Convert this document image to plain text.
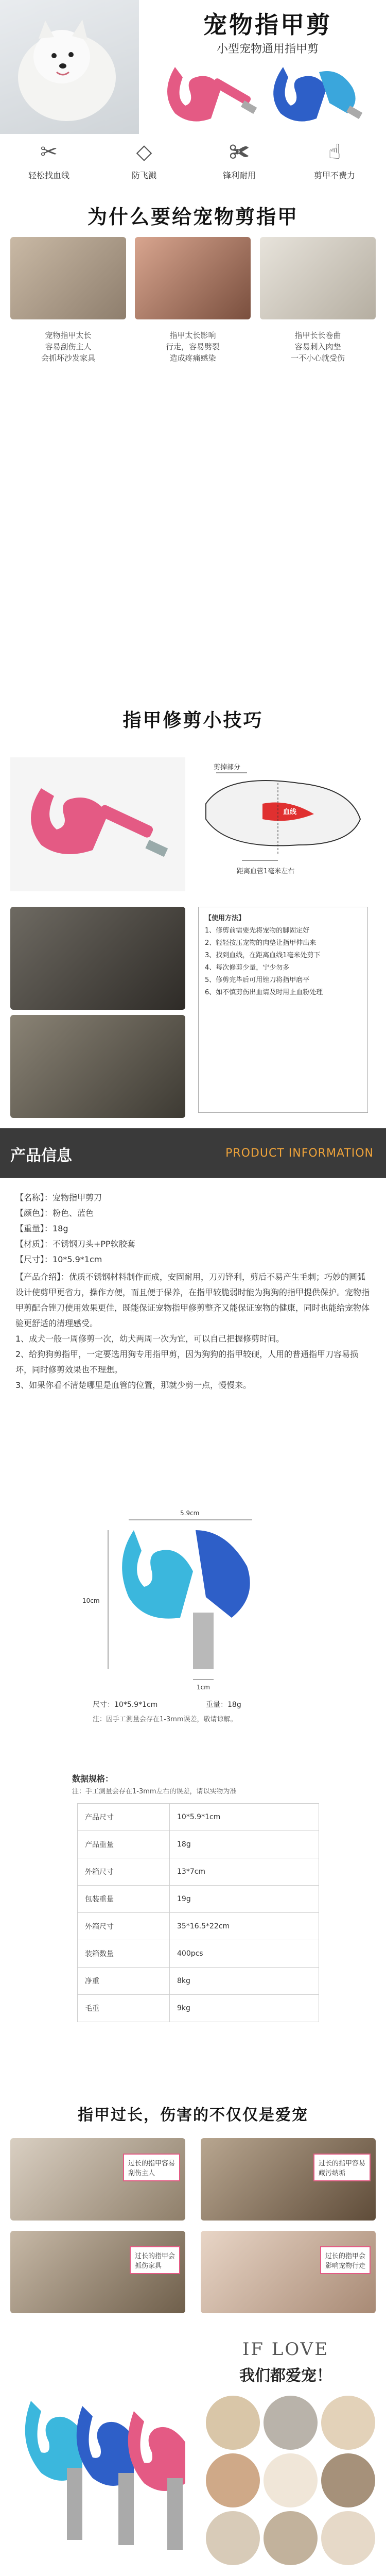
宠物指甲剪
小型宠物通用指甲剪
✂
轻松找血线
◇
防飞溅
✀
锋利耐用
☝
剪甲不费力
为什么要给宠物剪指甲
宠物指甲太长
容易刮伤主人
会抓坏沙发家具
指甲太长影响
行走，容易劈裂
造成疼痛感染
指甲长长卷曲
容易刺入肉垫
一不小心就受伤
指甲修剪小技巧
剪掉部分
血线
距离血管1毫米左右

【使用方法】

1、修剪前需要先将宠物的脚固定好

2、轻轻按压宠物的肉垫让指甲伸出来

3、找到血线，在距离血线1毫米处剪下

4、每次修剪少量，宁少勿多

5、修剪完毕后可用锉刀将指甲磨平

6、如不慎剪伤出血请及时用止血粉处理

产品信息	PRODUCT INFORMATION
【名称】：宠物指甲剪刀
【颜色】：粉色、蓝色
【重量】：18g
【材质】：不锈钢刀头+PP软胶套
【尺寸】：10*5.9*1cm
【产品介绍】：优质不锈钢材料制作而成，安固耐用，刀刃锋利，剪后不易产生毛刺；巧妙的圆弧设计使剪甲更省力，操作方便，而且便于保养，在指甲较脆弱时能为狗狗的指甲提供保护。宠物指甲剪配合锉刀使用效果更佳，既能保证宠物指甲修剪整齐又能保证宠物的健康，同时也能给宠物体验更舒适的清理感受。
1、成犬一般一周修剪一次，幼犬两周一次为宜，可以自己把握修剪时间。
2、给狗狗剪指甲，一定要选用狗专用指甲剪，因为狗狗的指甲较硬，人用的普通指甲刀容易损坏，同时修剪效果也不理想。
3、如果你看不清楚哪里是血管的位置，那就少剪一点，慢慢来。
5.9cm
10cm
1cm
尺寸：10*5.9*1cm	重量：18g
注：因手工测量会存在1-3mm误差，敬请谅解。
数据规格：
注：手工测量会存在1-3mm左右的误差，请以实物为准
产品尺寸	10*5.9*1cm
产品重量	18g
外箱尺寸	13*7cm
包装重量	19g
外箱尺寸	35*16.5*22cm
装箱数量	400pcs
净重	8kg
毛重	9kg
指甲过长，伤害的不仅仅是爱宠
过长的指甲容易
刮伤主人
过长的指甲容易
藏污纳垢
过长的指甲会
抓伤家具
过长的指甲会
影响宠物行走
IF LOVE
我们都爱宠！
